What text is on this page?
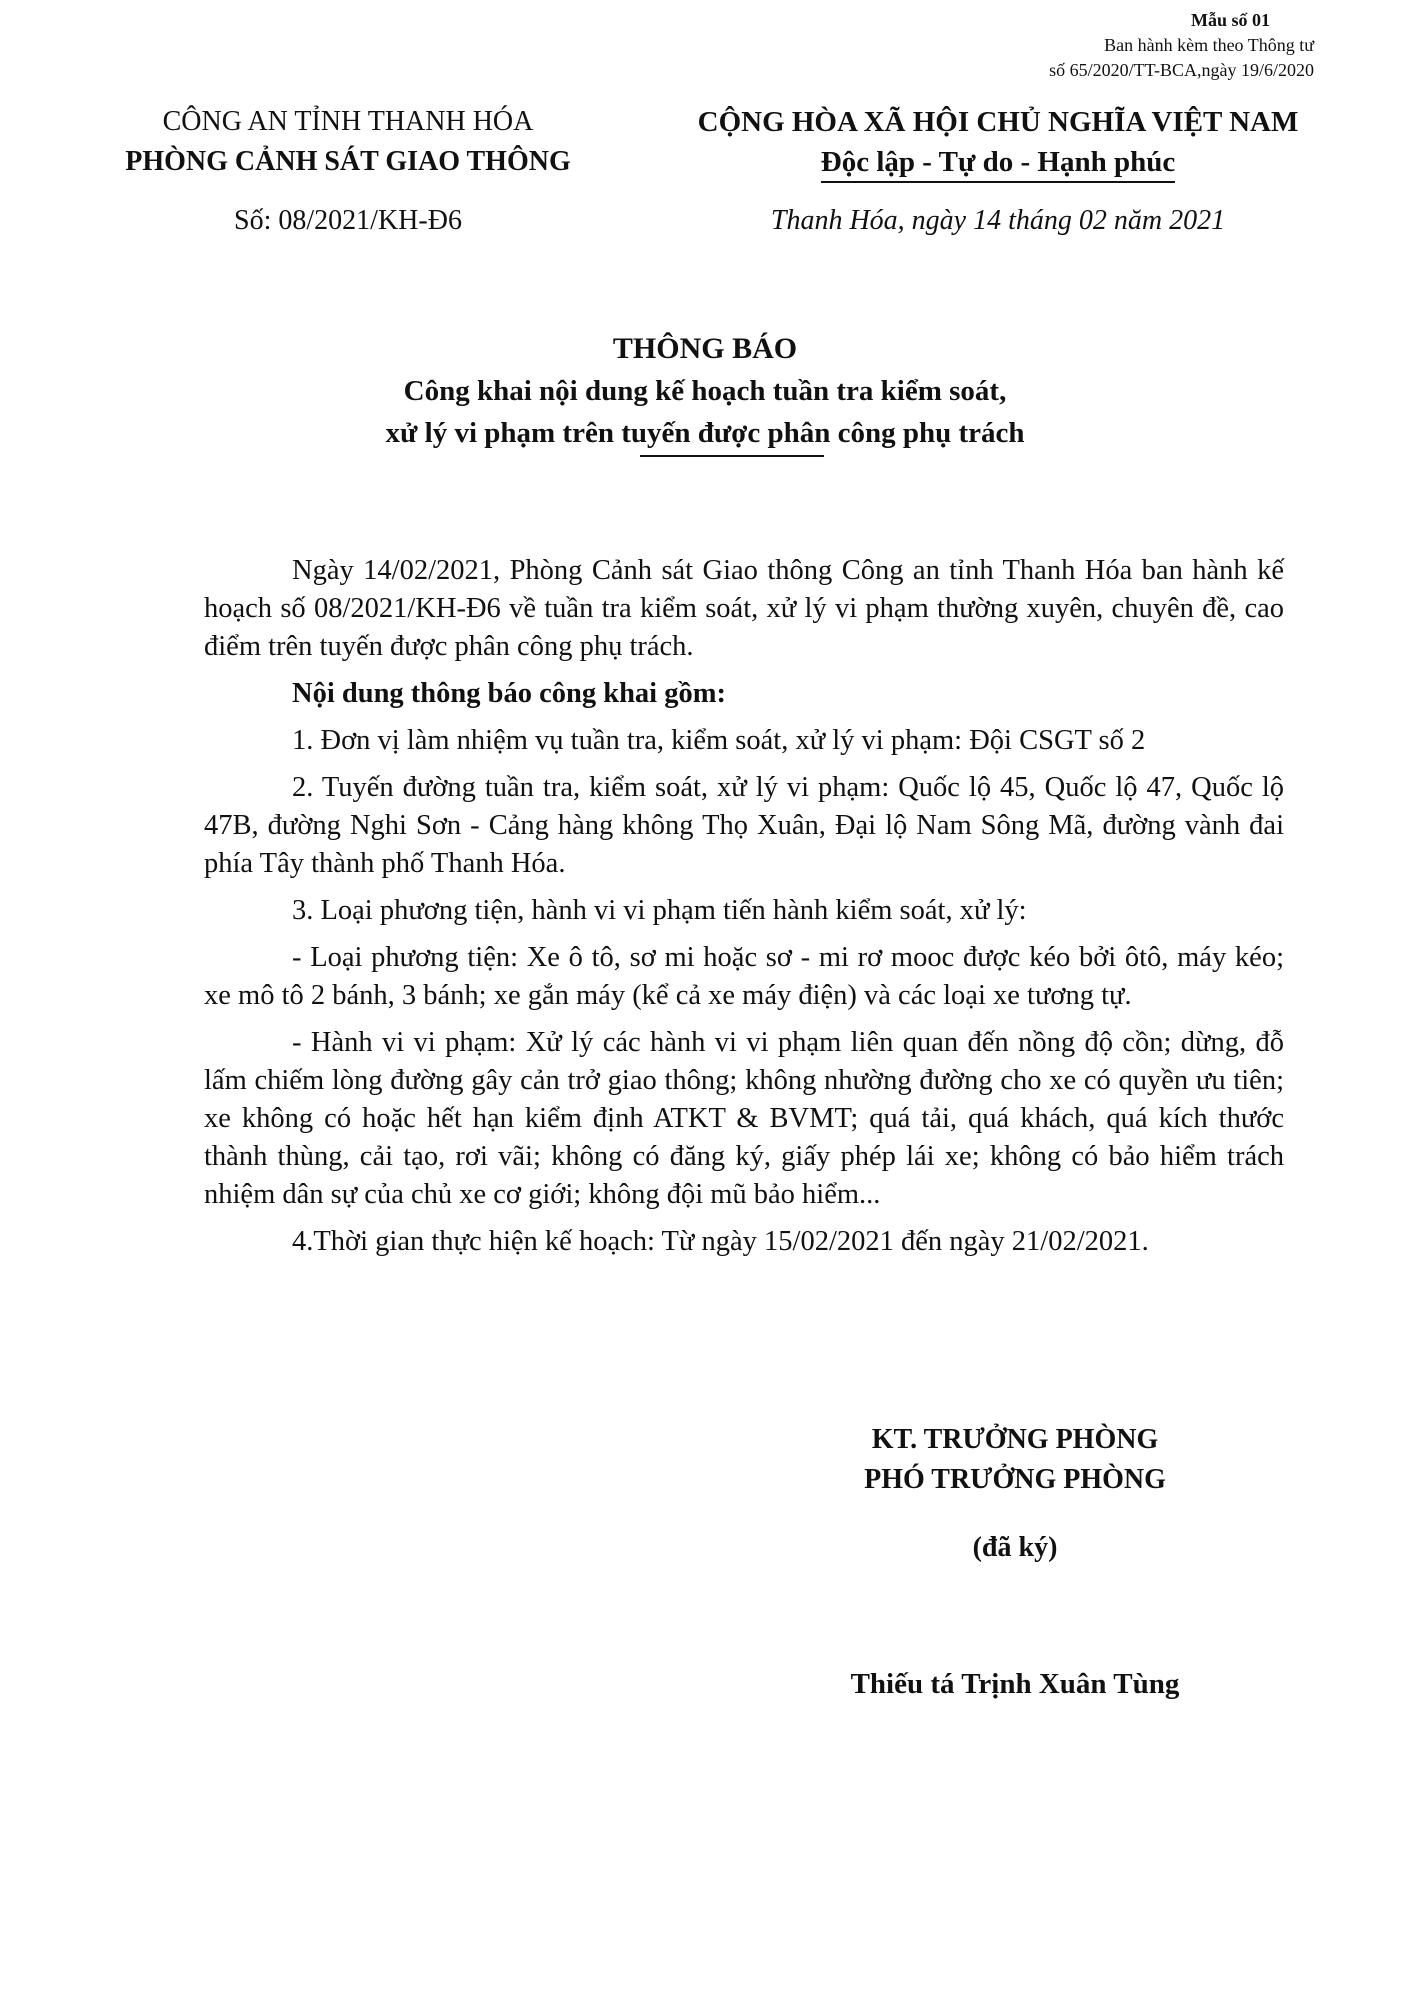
Mẫu số 01
Ban hành kèm theo Thông tư
số 65/2020/TT-BCA,ngày 19/6/2020
CÔNG AN TỈNH THANH HÓA
PHÒNG CẢNH SÁT GIAO THÔNG
CỘNG HÒA XÃ HỘI CHỦ NGHĨA VIỆT NAM
Độc lập - Tự do - Hạnh phúc
Số: 08/2021/KH-Đ6	Thanh Hóa, ngày 14 tháng 02 năm 2021
THÔNG BÁO
Công khai nội dung kế hoạch tuần tra kiểm soát,
xử lý vi phạm trên tuyến được phân công phụ trách

Ngày 14/02/2021, Phòng Cảnh sát Giao thông Công an tỉnh Thanh Hóa ban hành kế hoạch số 08/2021/KH-Đ6 về tuần tra kiểm soát, xử lý vi phạm thường xuyên, chuyên đề, cao điểm trên tuyến được phân công phụ trách.

Nội dung thông báo công khai gồm:

1. Đơn vị làm nhiệm vụ tuần tra, kiểm soát, xử lý vi phạm: Đội CSGT số 2

2. Tuyến đường tuần tra, kiểm soát, xử lý vi phạm: Quốc lộ 45, Quốc lộ 47, Quốc lộ 47B, đường Nghi Sơn - Cảng hàng không Thọ Xuân, Đại lộ Nam Sông Mã, đường vành đai phía Tây thành phố Thanh Hóa.

3. Loại phương tiện, hành vi vi phạm tiến hành kiểm soát, xử lý:

- Loại phương tiện: Xe ô tô, sơ mi hoặc sơ - mi rơ mooc được kéo bởi ôtô, máy kéo; xe mô tô 2 bánh, 3 bánh; xe gắn máy (kể cả xe máy điện) và các loại xe tương tự.

- Hành vi vi phạm: Xử lý các hành vi vi phạm liên quan đến nồng độ cồn; dừng, đỗ lấm chiếm lòng đường gây cản trở giao thông; không nhường đường cho xe có quyền ưu tiên; xe không có hoặc hết hạn kiểm định ATKT & BVMT; quá tải, quá khách, quá kích thước thành thùng, cải tạo, rơi vãi; không có đăng ký, giấy phép lái xe; không có bảo hiểm trách nhiệm dân sự của chủ xe cơ giới; không đội mũ bảo hiểm...

4.Thời gian thực hiện kế hoạch: Từ ngày 15/02/2021 đến ngày 21/02/2021.

KT. TRƯỞNG PHÒNG
PHÓ TRƯỞNG PHÒNG
(đã ký)
Thiếu tá Trịnh Xuân Tùng
